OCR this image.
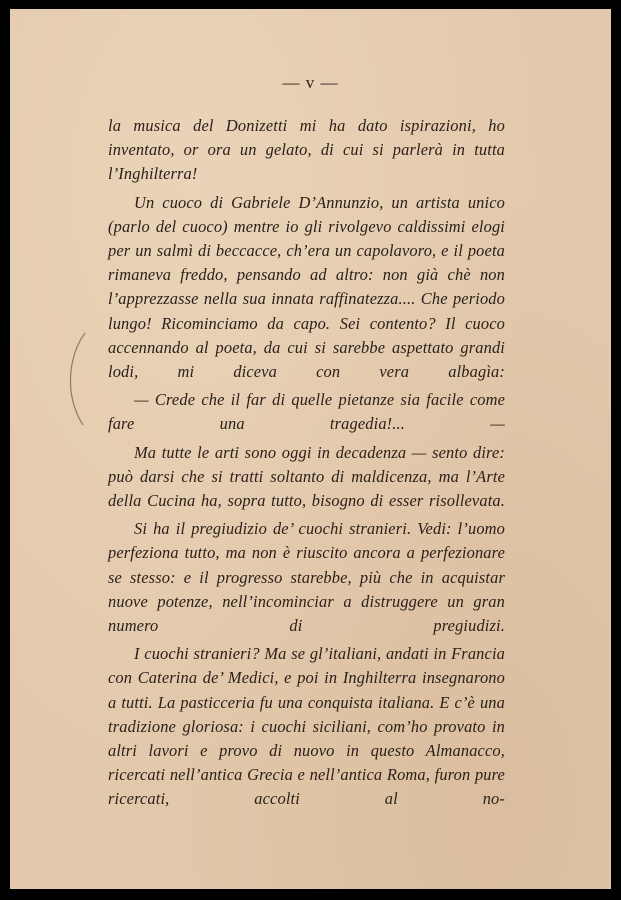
— v —

la musica del Donizetti mi ha dato ispirazioni, ho inventato, or ora un gelato, di cui si parlerà in tutta l’Inghilterra!

Un cuoco di Gabriele D’Annunzio, un artista unico (parlo del cuoco) mentre io gli rivolgevo caldissimi elogi per un salmì di beccacce, ch’era un capolavoro, e il poeta rimaneva freddo, pensando ad altro: non già chè non l’apprezzasse nella sua innata raffinatezza.... Che periodo lungo! Ricominciamo da capo. Sei contento? Il cuoco accennando al poeta, da cui si sarebbe aspettato grandi lodi, mi diceva con vera albagìa:

— Crede che il far di quelle pietanze sia facile come fare una tragedia!... —

Ma tutte le arti sono oggi in decadenza — sento dire: può darsi che si tratti soltanto di maldicenza, ma l’Arte della Cucina ha, sopra tutto, bisogno di esser risollevata.

Si ha il pregiudizio de’ cuochi stranieri. Vedi: l’uomo perfeziona tutto, ma non è riuscito ancora a perfezionare se stesso: e il progresso starebbe, più che in acquistar nuove potenze, nell’incominciar a distruggere un gran numero di pregiudizi.

I cuochi stranieri? Ma se gl’italiani, andati in Francia con Caterina de’ Medici, e poi in Inghilterra insegnarono a tutti. La pasticceria fu una conquista italiana. E c’è una tradizione gloriosa: i cuochi siciliani, com’ho provato in altri lavori e provo di nuovo in questo Almanacco, ricercati nell’antica Grecia e nell’antica Roma, furon pure ricercati, accolti al no-
